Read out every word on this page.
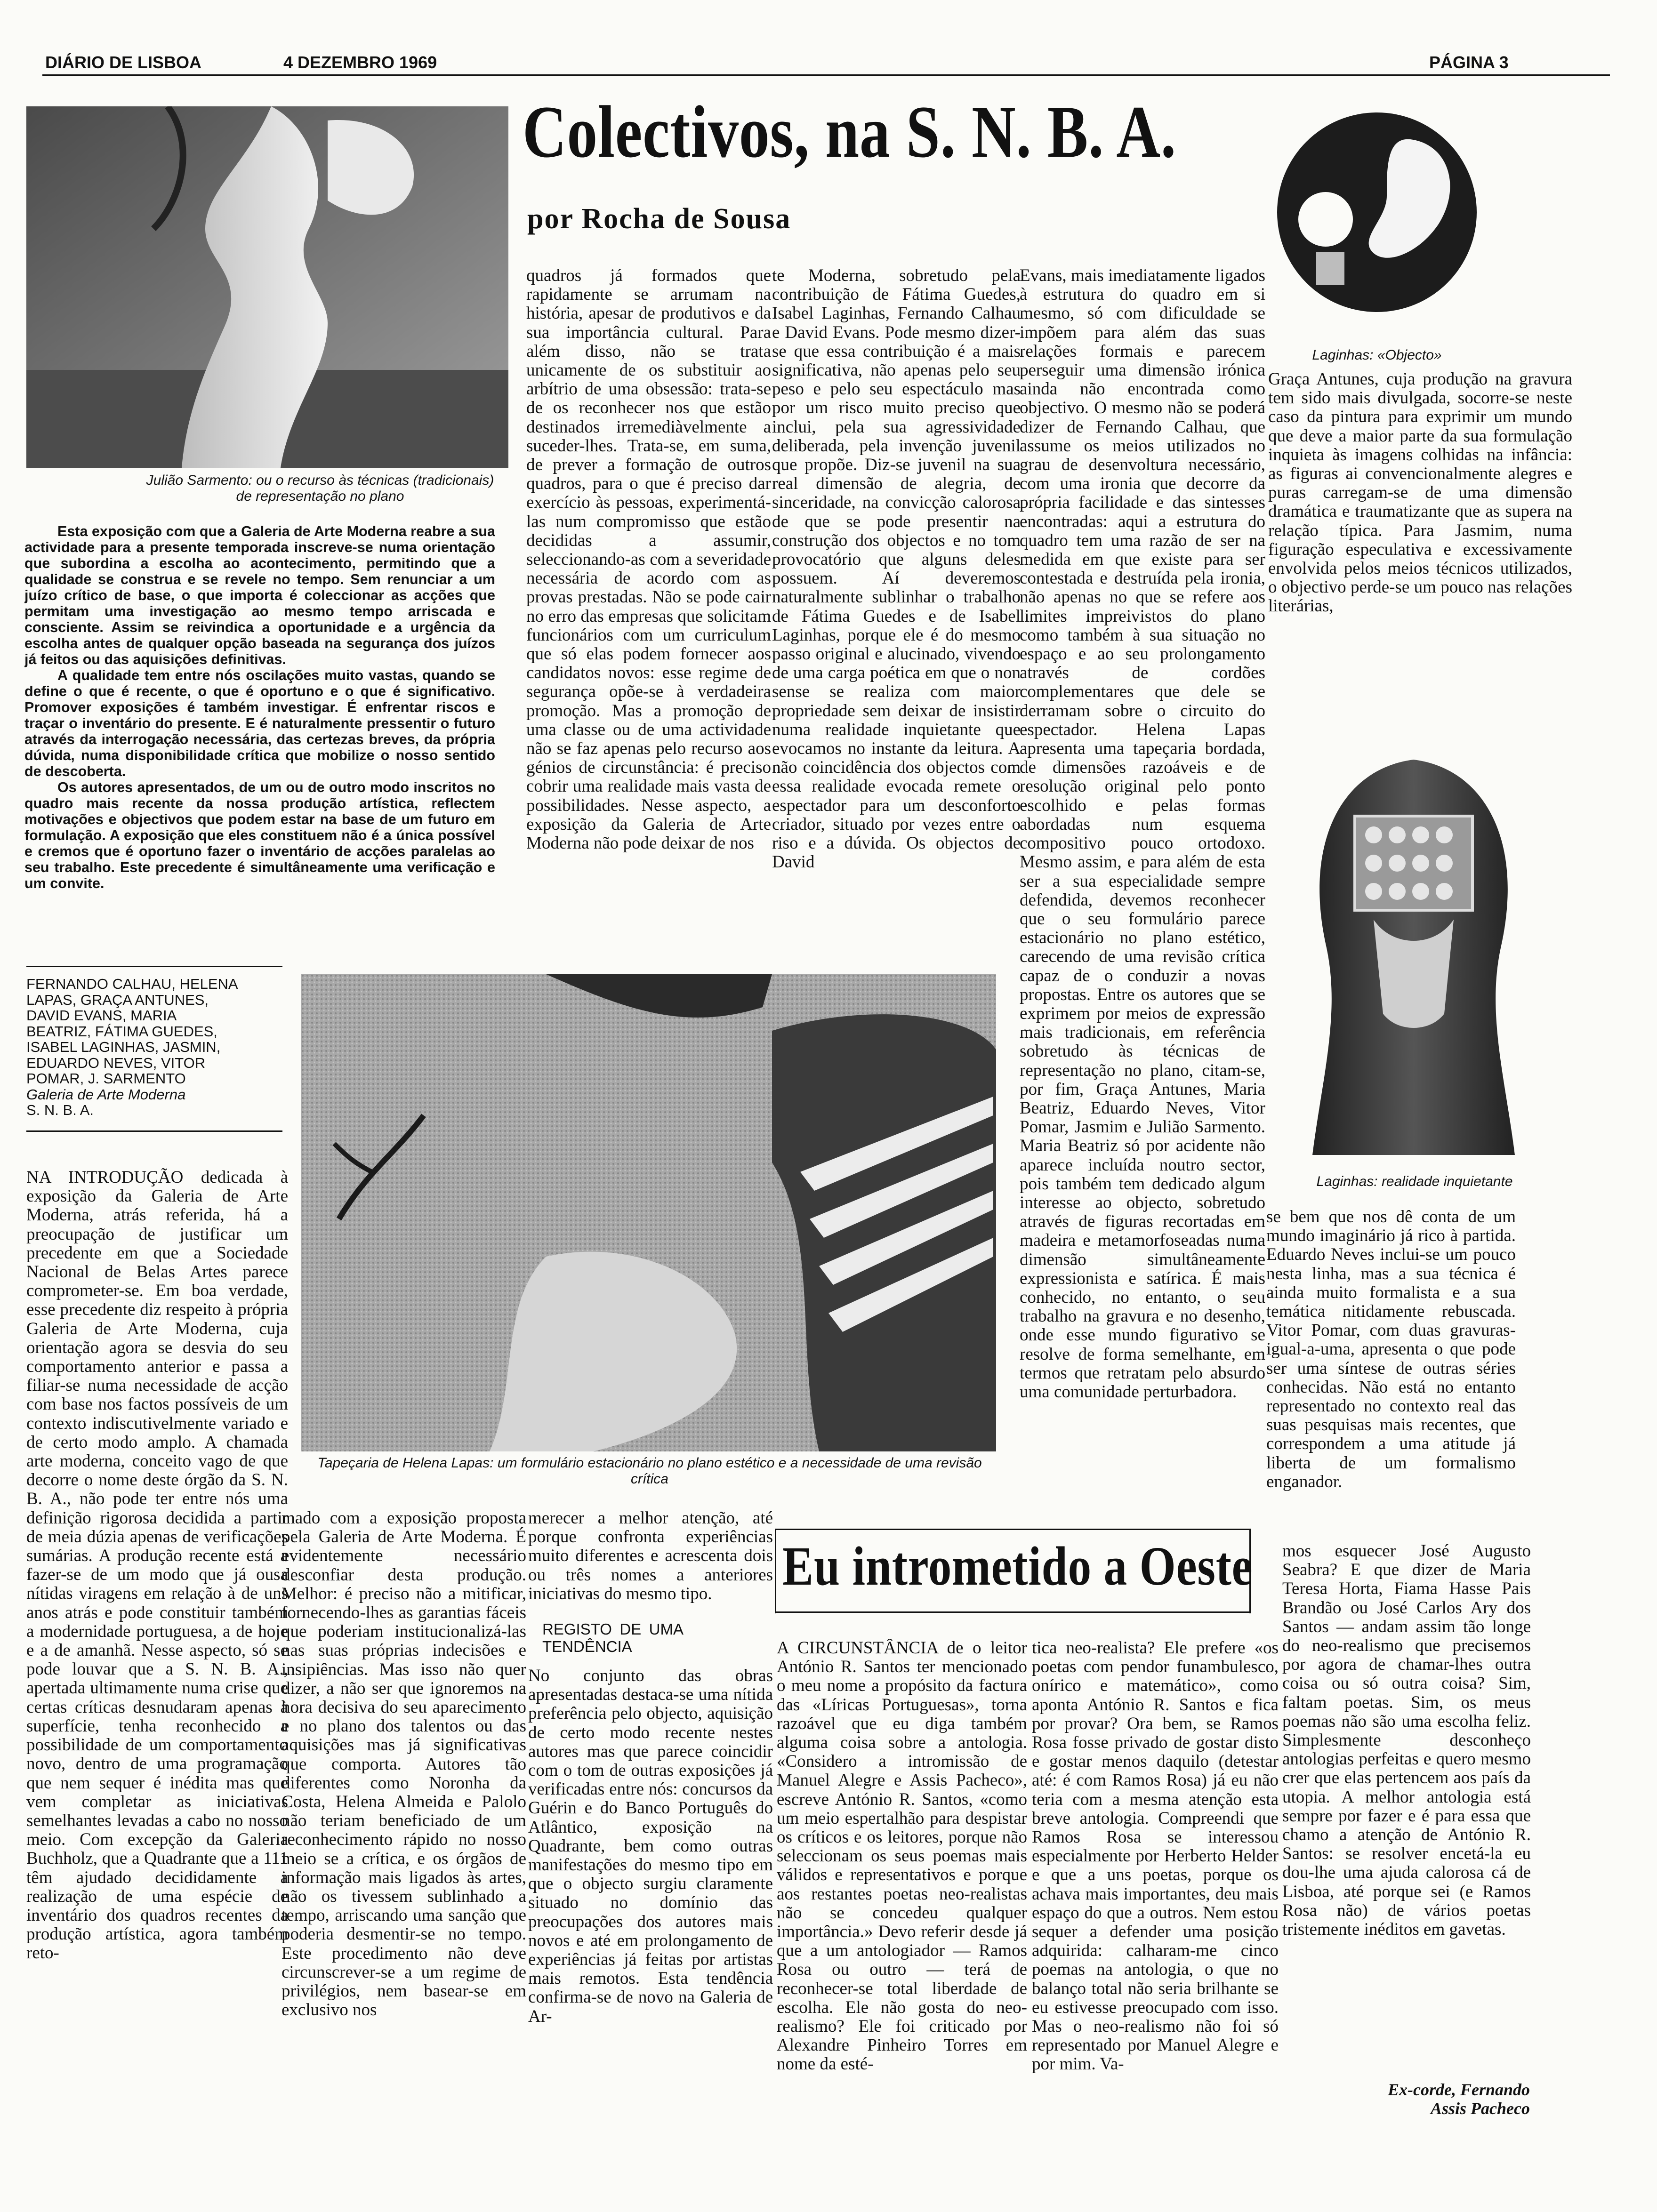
DIÁRIO DE LISBOA	4 DEZEMBRO 1969	PÁGINA 3
Julião Sarmento: ou o recurso às técnicas (tradicionais) de representação no plano
Colectivos, na S. N. B. A.
por Rocha de Sousa
Laginhas: «Objecto»

Esta exposição com que a Galeria de Arte Moderna reabre a sua actividade para a presente temporada inscreve-se numa orientação que subordina a escolha ao acontecimento, permitindo que a qualidade se construa e se revele no tempo. Sem renunciar a um juízo crítico de base, o que importa é coleccionar as acções que permitam uma investigação ao mesmo tempo arriscada e consciente. Assim se reivindica a oportunidade e a urgência da escolha antes de qualquer opção baseada na segurança dos juízos já feitos ou das aquisições definitivas.

A qualidade tem entre nós oscilações muito vastas, quando se define o que é recente, o que é oportuno e o que é significativo. Promover exposições é também investigar. É enfrentar riscos e traçar o inventário do presente. E é naturalmente pressentir o futuro através da interrogação necessária, das certezas breves, da própria dúvida, numa disponibilidade crítica que mobilize o nosso sentido de descoberta.

Os autores apresentados, de um ou de outro modo inscritos no quadro mais recente da nossa produção artística, reflectem motivações e objectivos que podem estar na base de um futuro em formulação. A exposição que eles constituem não é a única possível e cremos que é oportuno fazer o inventário de acções paralelas ao seu trabalho. Este precedente é simultâneamente uma verificação e um convite.

FERNANDO CALHAU, HELENA
LAPAS, GRAÇA ANTUNES,
DAVID EVANS, MARIA
BEATRIZ, FÁTIMA GUEDES,
ISABEL LAGINHAS, JASMIN,
EDUARDO NEVES, VITOR
POMAR, J. SARMENTO
Galeria de Arte Moderna
S. N. B. A.
Tapeçaria de Helena Lapas: um formulário estacionário no plano estético e a necessidade de uma revisão crítica
Laginhas: realidade inquietante

quadros já formados que rapidamente se arrumam na história, apesar de produtivos e da sua importância cultural. Para além disso, não se trata unicamente de os substituir ao arbítrio de uma obsessão: trata-se de os reconhecer nos que estão destinados irremediàvelmente a suceder-lhes. Trata-se, em suma, de prever a formação de outros quadros, para o que é preciso dar exercício às pessoas, experimentá-las num compromisso que estão decididas a assumir, seleccionando-as com a severidade necessária de acordo com as provas prestadas. Não se pode cair no erro das empresas que solicitam funcionários com um curriculum que só elas podem fornecer aos candidatos novos: esse regime de segurança opõe-se à verdadeira promoção. Mas a promoção de uma classe ou de uma actividade não se faz apenas pelo recurso aos génios de circunstância: é preciso cobrir uma realidade mais vasta de possibilidades. Nesse aspecto, a exposição da Galeria de Arte Moderna não pode deixar de nos

te Moderna, sobretudo pela contribuição de Fátima Guedes, Isabel Laginhas, Fernando Calhau e David Evans. Pode mesmo dizer-se que essa contribuição é a mais significativa, não apenas pelo seu peso e pelo seu espectáculo mas por um risco muito preciso que inclui, pela sua agressividade deliberada, pela invenção juvenil que propõe. Diz-se juvenil na sua real dimensão de alegria, de sinceridade, na convicção calorosa de que se pode presentir na construção dos objectos e no tom provocatório que alguns deles possuem. Aí deveremos naturalmente sublinhar o trabalho de Fátima Guedes e de Isabel Laginhas, porque ele é do mesmo passo original e alucinado, vivendo de uma carga poética em que o non sense se realiza com maior propriedade sem deixar de insistir numa realidade inquietante que evocamos no instante da leitura. A não coincidência dos objectos com essa realidade evocada remete o espectador para um desconforto criador, situado por vezes entre o riso e a dúvida. Os objectos de David

Evans, mais imediatamente ligados à estrutura do quadro em si mesmo, só com dificuldade se impõem para além das suas relações formais e parecem perseguir uma dimensão irónica ainda não encontrada como objectivo. O mesmo não se poderá dizer de Fernando Calhau, que assume os meios utilizados no grau de desenvoltura necessário, com uma ironia que decorre da própria facilidade e das sintesses encontradas: aqui a estrutura do quadro tem uma razão de ser na medida em que existe para ser contestada e destruída pela ironia, não apenas no que se refere aos limites impreivistos do plano como também à sua situação no espaço e ao seu prolongamento através de cordões complementares que dele se derramam sobre o circuito do espectador. Helena Lapas apresenta uma tapeçaria bordada, de dimensões razoáveis e de resolução original pelo ponto escolhido e pelas formas abordadas num esquema compositivo pouco ortodoxo. Mesmo assim, e para além de esta ser a sua especialidade sempre defendida, devemos reconhecer que o seu formulário parece estacionário no plano estético, carecendo de uma revisão crítica capaz de o conduzir a novas propostas. Entre os autores que se exprimem por meios de expressão mais tradicionais, em referência sobretudo às técnicas de representação no plano, citam-se, por fim, Graça Antunes, Maria Beatriz, Eduardo Neves, Vitor Pomar, Jasmim e Julião Sarmento. Maria Beatriz só por acidente não aparece incluída noutro sector, pois também tem dedicado algum interesse ao objecto, sobretudo através de figuras recortadas em madeira e metamorfoseadas numa dimensão simultâneamente expressionista e satírica. É mais conhecido, no entanto, o seu trabalho na gravura e no desenho, onde esse mundo figurativo se resolve de forma semelhante, em termos que retratam pelo absurdo uma comunidade perturbadora.

Graça Antunes, cuja produção na gravura tem sido mais divulgada, socorre-se neste caso da pintura para exprimir um mundo que deve a maior parte da sua formulação inquieta às imagens colhidas na infância: as figuras ai convencionalmente alegres e puras carregam-se de uma dimensão dramática e traumatizante que as supera na relação típica. Para Jasmim, numa figuração especulativa e excessivamente envolvida pelos meios técnicos utilizados, o objectivo perde-se um pouco nas relações literárias,

se bem que nos dê conta de um mundo imaginário já rico à partida. Eduardo Neves inclui-se um pouco nesta linha, mas a sua técnica é ainda muito formalista e a sua temática nitidamente rebuscada. Vitor Pomar, com duas gravuras-igual-a-uma, apresenta o que pode ser uma síntese de outras séries conhecidas. Não está no entanto representado no contexto real das suas pesquisas mais recentes, que correspondem a uma atitude já liberta de um formalismo enganador.

NA INTRODUÇÃO dedicada à exposição da Galeria de Arte Moderna, atrás referida, há a preocupação de justificar um precedente em que a Sociedade Nacional de Belas Artes parece comprometer-se. Em boa verdade, esse precedente diz respeito à própria Galeria de Arte Moderna, cuja orientação agora se desvia do seu comportamento anterior e passa a filiar-se numa necessidade de acção com base nos factos possíveis de um contexto indiscutivelmente variado e de certo modo amplo. A chamada arte moderna, conceito vago de que decorre o nome deste órgão da S. N. B. A., não pode ter entre nós uma definição rigorosa decidida a partir de meia dúzia apenas de verificações sumárias. A produção recente está a fazer-se de um modo que já ousa nítidas viragens em relação à de uns anos atrás e pode constituir também a modernidade portuguesa, a de hoje e a de amanhã. Nesse aspecto, só se pode louvar que a S. N. B. A., apertada ultimamente numa crise que certas críticas desnudaram apenas à superfície, tenha reconhecido a possibilidade de um comportamento novo, dentro de uma programação que nem sequer é inédita mas que vem completar as iniciativas semelhantes levadas a cabo no nosso meio. Com excepção da Galeria Buchholz, que a Quadrante que a 111 têm ajudado decididamente a realização de uma espécie de inventário dos quadros recentes da produção artística, agora também reto-

mado com a exposição proposta pela Galeria de Arte Moderna. É evidentemente necessário desconfiar desta produção. Melhor: é preciso não a mitificar, fornecendo-lhes as garantias fáceis que poderiam institucionalizá-las nas suas próprias indecisões e insipiências. Mas isso não quer dizer, a não ser que ignoremos na hora decisiva do seu aparecimento e no plano dos talentos ou das aquisições mas já significativas que comporta. Autores tão diferentes como Noronha da Costa, Helena Almeida e Palolo não teriam beneficiado de um reconhecimento rápido no nosso meio se a crítica, e os órgãos de informação mais ligados às artes, não os tivessem sublinhado a tempo, arriscando uma sanção que poderia desmentir-se no tempo. Este procedimento não deve circunscrever-se a um regime de privilégios, nem basear-se em exclusivo nos

merecer a melhor atenção, até porque confronta experiências muito diferentes e acrescenta dois ou três nomes a anteriores iniciativas do mesmo tipo.

REGISTO DE UMA TENDÊNCIA

No conjunto das obras apresentadas destaca-se uma nítida preferência pelo objecto, aquisição de certo modo recente nestes autores mas que parece coincidir com o tom de outras exposições já verificadas entre nós: concursos da Guérin e do Banco Português do Atlântico, exposição na Quadrante, bem como outras manifestações do mesmo tipo em que o objecto surgiu claramente situado no domínio das preocupações dos autores mais novos e até em prolongamento de experiências já feitas por artistas mais remotos. Esta tendência confirma-se de novo na Galeria de Ar-

Eu intrometido a Oeste

A CIRCUNSTÂNCIA de o leitor António R. Santos ter mencionado o meu nome a propósito da factura das «Líricas Portuguesas», torna razoável que eu diga também alguma coisa sobre a antologia. «Considero a intromissão de Manuel Alegre e Assis Pacheco», escreve António R. Santos, «como um meio espertalhão para despistar os críticos e os leitores, porque não seleccionam os seus poemas mais válidos e representativos e porque aos restantes poetas neo-realistas não se concedeu qualquer importância.» Devo referir desde já que a um antologiador — Ramos Rosa ou outro — terá de reconhecer-se total liberdade de escolha. Ele não gosta do neo-realismo? Ele foi criticado por Alexandre Pinheiro Torres em nome da esté-

tica neo-realista? Ele prefere «os poetas com pendor funambulesco, onírico e matemático», como aponta António R. Santos e fica por provar? Ora bem, se Ramos Rosa fosse privado de gostar disto e gostar menos daquilo (detestar até: é com Ramos Rosa) já eu não teria com a mesma atenção esta breve antologia. Compreendi que Ramos Rosa se interessou especialmente por Herberto Helder e que a uns poetas, porque os achava mais importantes, deu mais espaço do que a outros. Nem estou sequer a defender uma posição adquirida: calharam-me cinco poemas na antologia, o que no balanço total não seria brilhante se eu estivesse preocupado com isso. Mas o neo-realismo não foi só representado por Manuel Alegre e por mim. Va-

mos esquecer José Augusto Seabra? E que dizer de Maria Teresa Horta, Fiama Hasse Pais Brandão ou José Carlos Ary dos Santos — andam assim tão longe do neo-realismo que precisemos por agora de chamar-lhes outra coisa ou só outra coisa? Sim, faltam poetas. Sim, os meus poemas não são uma escolha feliz. Simplesmente desconheço antologias perfeitas e quero mesmo crer que elas pertencem aos país da utopia. A melhor antologia está sempre por fazer e é para essa que chamo a atenção de António R. Santos: se resolver encetá-la eu dou-lhe uma ajuda calorosa cá de Lisboa, até porque sei (e Ramos Rosa não) de vários poetas tristemente inéditos em gavetas.

Ex-corde, Fernando Assis Pacheco
